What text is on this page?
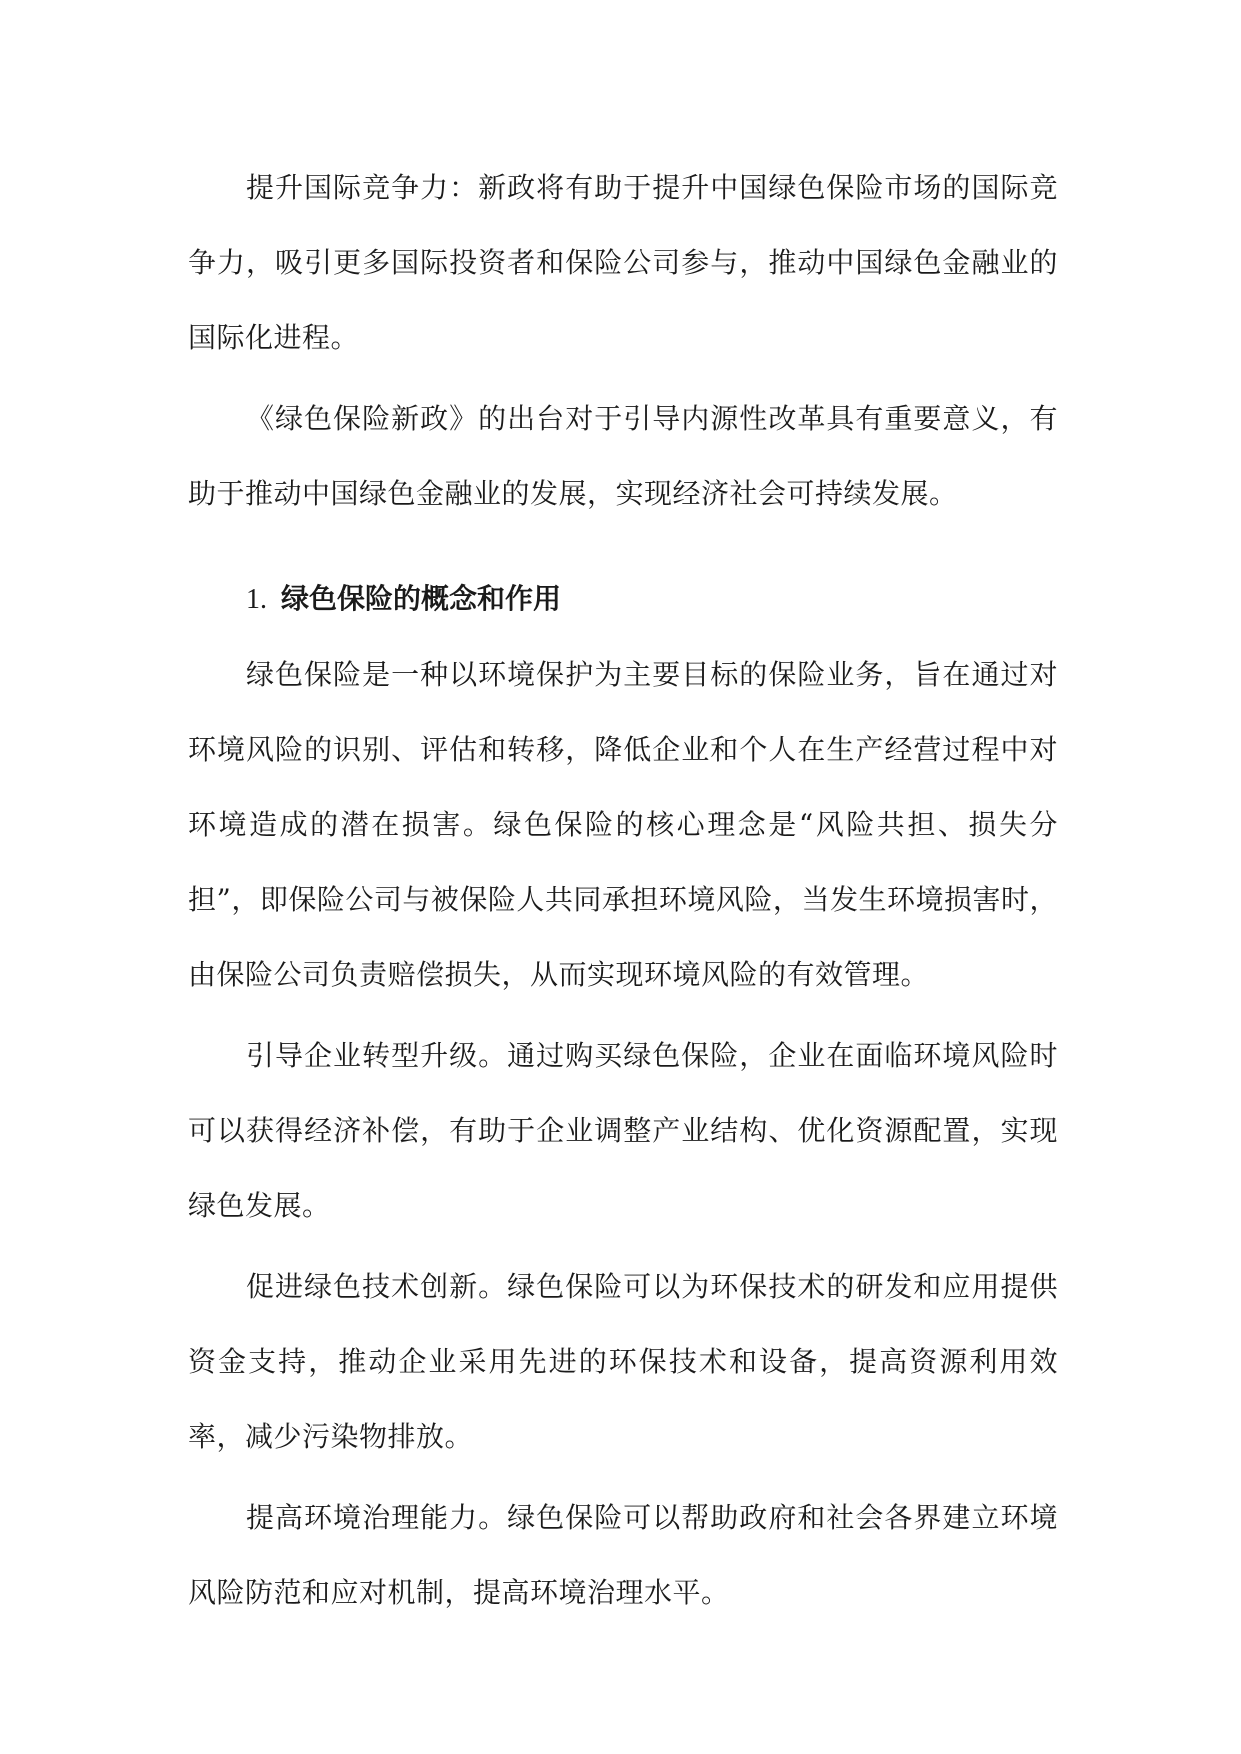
提升国际竞争力：新政将有助于提升中国绿色保险市场的国际竞争力，吸引更多国际投资者和保险公司参与，推动中国绿色金融业的国际化进程。

《绿色保险新政》的出台对于引导内源性改革具有重要意义，有助于推动中国绿色金融业的发展，实现经济社会可持续发展。

1. 绿色保险的概念和作用

绿色保险是一种以环境保护为主要目标的保险业务，旨在通过对环境风险的识别、评估和转移，降低企业和个人在生产经营过程中对环境造成的潜在损害。绿色保险的核心理念是“风险共担、损失分担”，即保险公司与被保险人共同承担环境风险，当发生环境损害时，由保险公司负责赔偿损失，从而实现环境风险的有效管理。

引导企业转型升级。通过购买绿色保险，企业在面临环境风险时可以获得经济补偿，有助于企业调整产业结构、优化资源配置，实现绿色发展。

促进绿色技术创新。绿色保险可以为环保技术的研发和应用提供资金支持，推动企业采用先进的环保技术和设备，提高资源利用效率，减少污染物排放。

提高环境治理能力。绿色保险可以帮助政府和社会各界建立环境风险防范和应对机制，提高环境治理水平。
